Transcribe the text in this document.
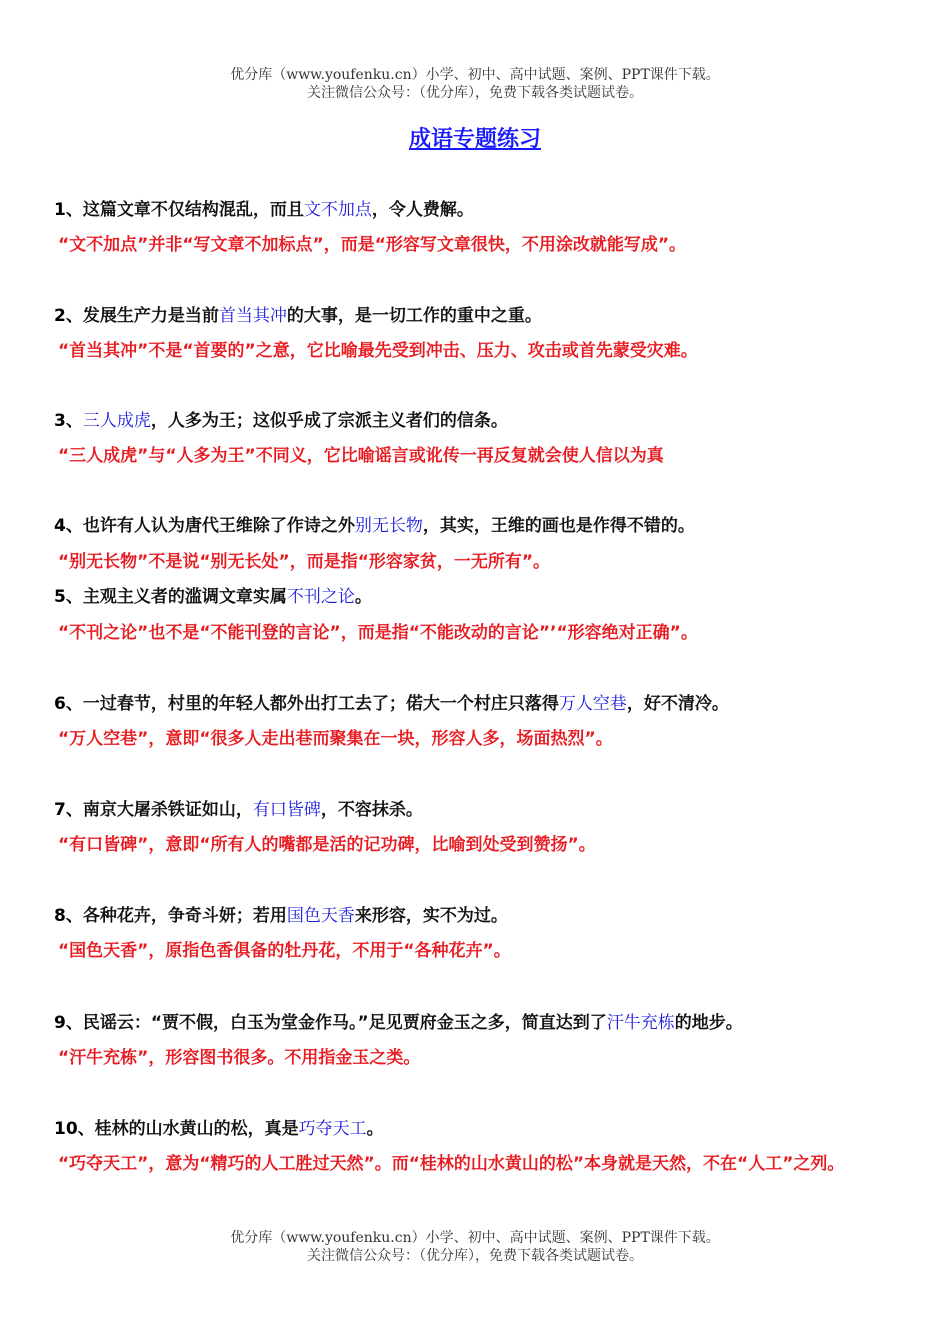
优分库（www.youfenku.cn）小学、初中、高中试题、案例、PPT课件下载。
关注微信公众号：（优分库），免费下载各类试题试卷。
成语专题练习
1、这篇文章不仅结构混乱，而且文不加点，令人费解。
“文不加点”并非“写文章不加标点”，而是“形容写文章很快，不用涂改就能写成”。
2、发展生产力是当前首当其冲的大事，是一切工作的重中之重。
“首当其冲”不是“首要的”之意，它比喻最先受到冲击、压力、攻击或首先蒙受灾难。
3、三人成虎，人多为王；这似乎成了宗派主义者们的信条。
“三人成虎”与“人多为王”不同义，它比喻谣言或讹传一再反复就会使人信以为真
4、也许有人认为唐代王维除了作诗之外别无长物，其实，王维的画也是作得不错的。
“别无长物”不是说“别无长处”，而是指“形容家贫，一无所有”。
5、主观主义者的滥调文章实属不刊之论。
“不刊之论”也不是“不能刊登的言论”，而是指“不能改动的言论”’“形容绝对正确”。
6、一过春节，村里的年轻人都外出打工去了；偌大一个村庄只落得万人空巷，好不清冷。
“万人空巷”，意即“很多人走出巷而聚集在一块，形容人多，场面热烈”。
7、南京大屠杀铁证如山，有口皆碑，不容抹杀。
“有口皆碑”，意即“所有人的嘴都是活的记功碑，比喻到处受到赞扬”。
8、各种花卉，争奇斗妍；若用国色天香来形容，实不为过。
“国色天香”，原指色香俱备的牡丹花，不用于“各种花卉”。
9、民谣云：“贾不假，白玉为堂金作马。”足见贾府金玉之多，简直达到了汗牛充栋的地步。
“汗牛充栋”，形容图书很多。不用指金玉之类。
10、桂林的山水黄山的松，真是巧夺天工。
“巧夺天工”，意为“精巧的人工胜过天然”。而“桂林的山水黄山的松”本身就是天然，不在“人工”之列。
优分库（www.youfenku.cn）小学、初中、高中试题、案例、PPT课件下载。
关注微信公众号：（优分库），免费下载各类试题试卷。
